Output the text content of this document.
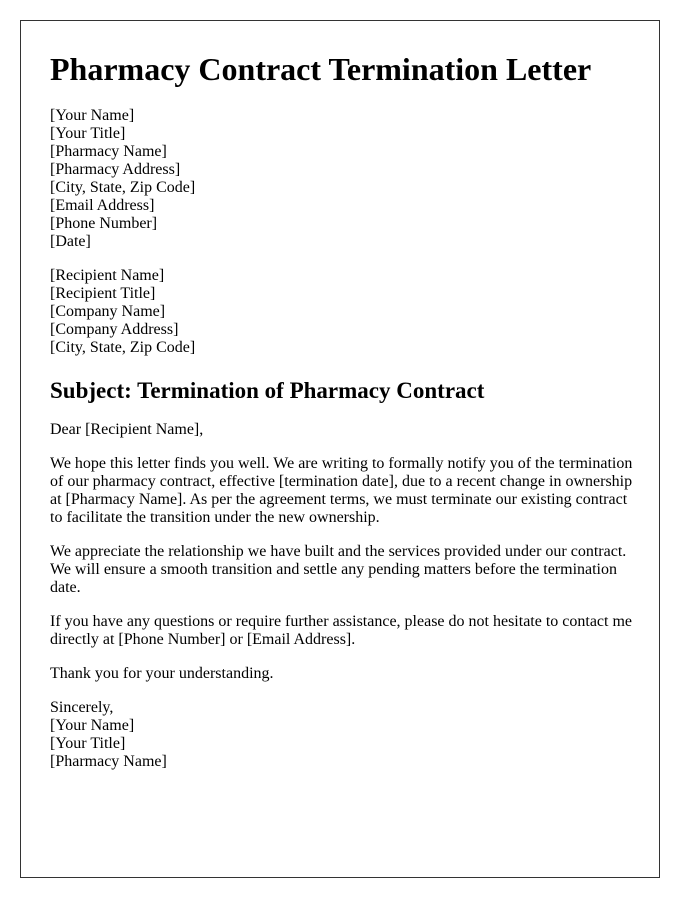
Pharmacy Contract Termination Letter
[Your Name]
[Your Title]
[Pharmacy Name]
[Pharmacy Address]
[City, State, Zip Code]
[Email Address]
[Phone Number]
[Date]
[Recipient Name]
[Recipient Title]
[Company Name]
[Company Address]
[City, State, Zip Code]
Subject: Termination of Pharmacy Contract

Dear [Recipient Name],

We hope this letter finds you well. We are writing to formally notify you of the termination of our pharmacy contract, effective [termination date], due to a recent change in ownership at [Pharmacy Name]. As per the agreement terms, we must terminate our existing contract to facilitate the transition under the new ownership.

We appreciate the relationship we have built and the services provided under our contract. We will ensure a smooth transition and settle any pending matters before the termination date.

If you have any questions or require further assistance, please do not hesitate to contact me directly at [Phone Number] or [Email Address].

Thank you for your understanding.

Sincerely,
[Your Name]
[Your Title]
[Pharmacy Name]
